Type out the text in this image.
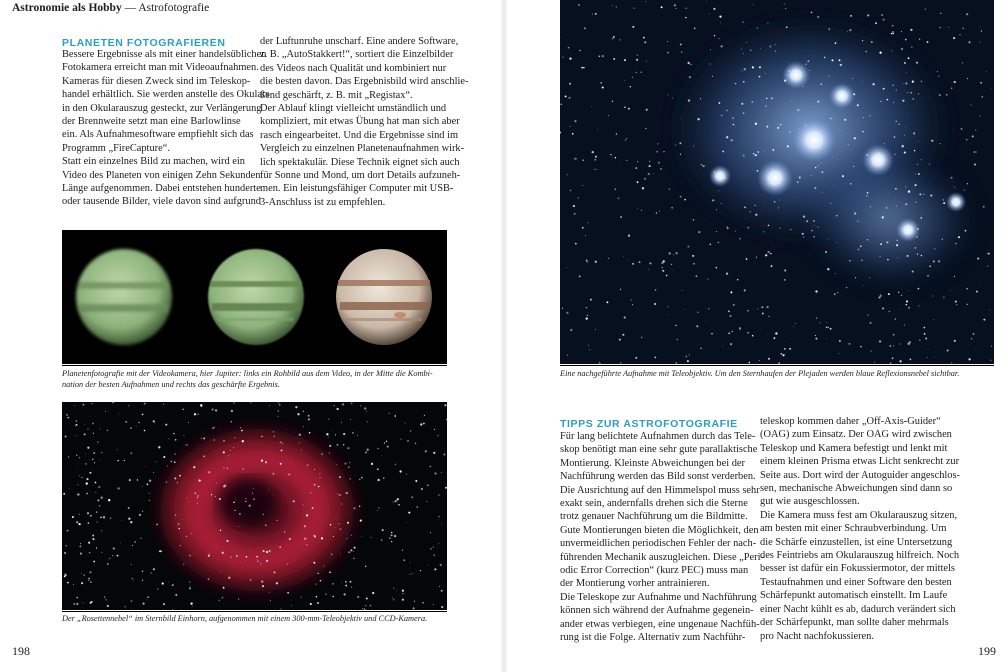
Astronomie als Hobby — Astrofotografie
PLANETEN FOTOGRAFIEREN

Bessere Ergebnisse als mit einer handelsüblichen

Fotokamera erreicht man mit Videoaufnahmen.

Kameras für diesen Zweck sind im Teleskop-

handel erhältlich. Sie werden anstelle des Okulars

in den Okularauszug gesteckt, zur Verlängerung

der Brennweite setzt man eine Barlowlinse

ein. Als Aufnahmesoftware empfiehlt sich das

Programm „FireCapture“.

Statt ein einzelnes Bild zu machen, wird ein

Video des Planeten von einigen Zehn Sekunden

Länge aufgenommen. Dabei entstehen hunderte

oder tausende Bilder, viele davon sind aufgrund

der Luftunruhe unscharf. Eine andere Software,

z. B. „AutoStakkert!“, sortiert die Einzelbilder

des Videos nach Qualität und kombiniert nur

die besten davon. Das Ergebnisbild wird anschlie-

ßend geschärft, z. B. mit „Registax“.

Der Ablauf klingt vielleicht umständlich und

kompliziert, mit etwas Übung hat man sich aber

rasch eingearbeitet. Und die Ergebnisse sind im

Vergleich zu einzelnen Planetenaufnahmen wirk-

lich spektakulär. Diese Technik eignet sich auch

für Sonne und Mond, um dort Details aufzuneh-

men. Ein leistungsfähiger Computer mit USB-

3-Anschluss ist zu empfehlen.

Planetenfotografie mit der Videokamera, hier Jupiter: links ein Rohbild aus dem Video, in der Mitte die Kombi-

nation der besten Aufnahmen und rechts das geschärfte Ergebnis.

Der „Rosettennebel“ im Sternbild Einhorn, aufgenommen mit einem 300-mm-Teleobjektiv und CCD-Kamera.

Eine nachgeführte Aufnahme mit Teleobjektiv. Um den Sternhaufen der Plejaden werden blaue Reflexionsnebel sichtbar.

TIPPS ZUR ASTROFOTOGRAFIE

Für lang belichtete Aufnahmen durch das Tele-

skop benötigt man eine sehr gute parallaktische

Montierung. Kleinste Abweichungen bei der

Nachführung werden das Bild sonst verderben.

Die Ausrichtung auf den Himmelspol muss sehr

exakt sein, andernfalls drehen sich die Sterne

trotz genauer Nachführung um die Bildmitte.

Gute Montierungen bieten die Möglichkeit, den

unvermeidlichen periodischen Fehler der nach-

führenden Mechanik auszugleichen. Diese „Peri-

odic Error Correction“ (kurz PEC) muss man

der Montierung vorher antrainieren.

Die Teleskope zur Aufnahme und Nachführung

können sich während der Aufnahme gegenein-

ander etwas verbiegen, eine ungenaue Nachfüh-

rung ist die Folge. Alternativ zum Nachführ-

teleskop kommen daher „Off-Axis-Guider“

(OAG) zum Einsatz. Der OAG wird zwischen

Teleskop und Kamera befestigt und lenkt mit

einem kleinen Prisma etwas Licht senkrecht zur

Seite aus. Dort wird der Autoguider angeschlos-

sen, mechanische Abweichungen sind dann so

gut wie ausgeschlossen.

Die Kamera muss fest am Okularauszug sitzen,

am besten mit einer Schraubverbindung. Um

die Schärfe einzustellen, ist eine Untersetzung

des Feintriebs am Okularauszug hilfreich. Noch

besser ist dafür ein Fokussiermotor, der mittels

Testaufnahmen und einer Software den besten

Schärfepunkt automatisch einstellt. Im Laufe

einer Nacht kühlt es ab, dadurch verändert sich

der Schärfepunkt, man sollte daher mehrmals

pro Nacht nachfokussieren.

198	199
